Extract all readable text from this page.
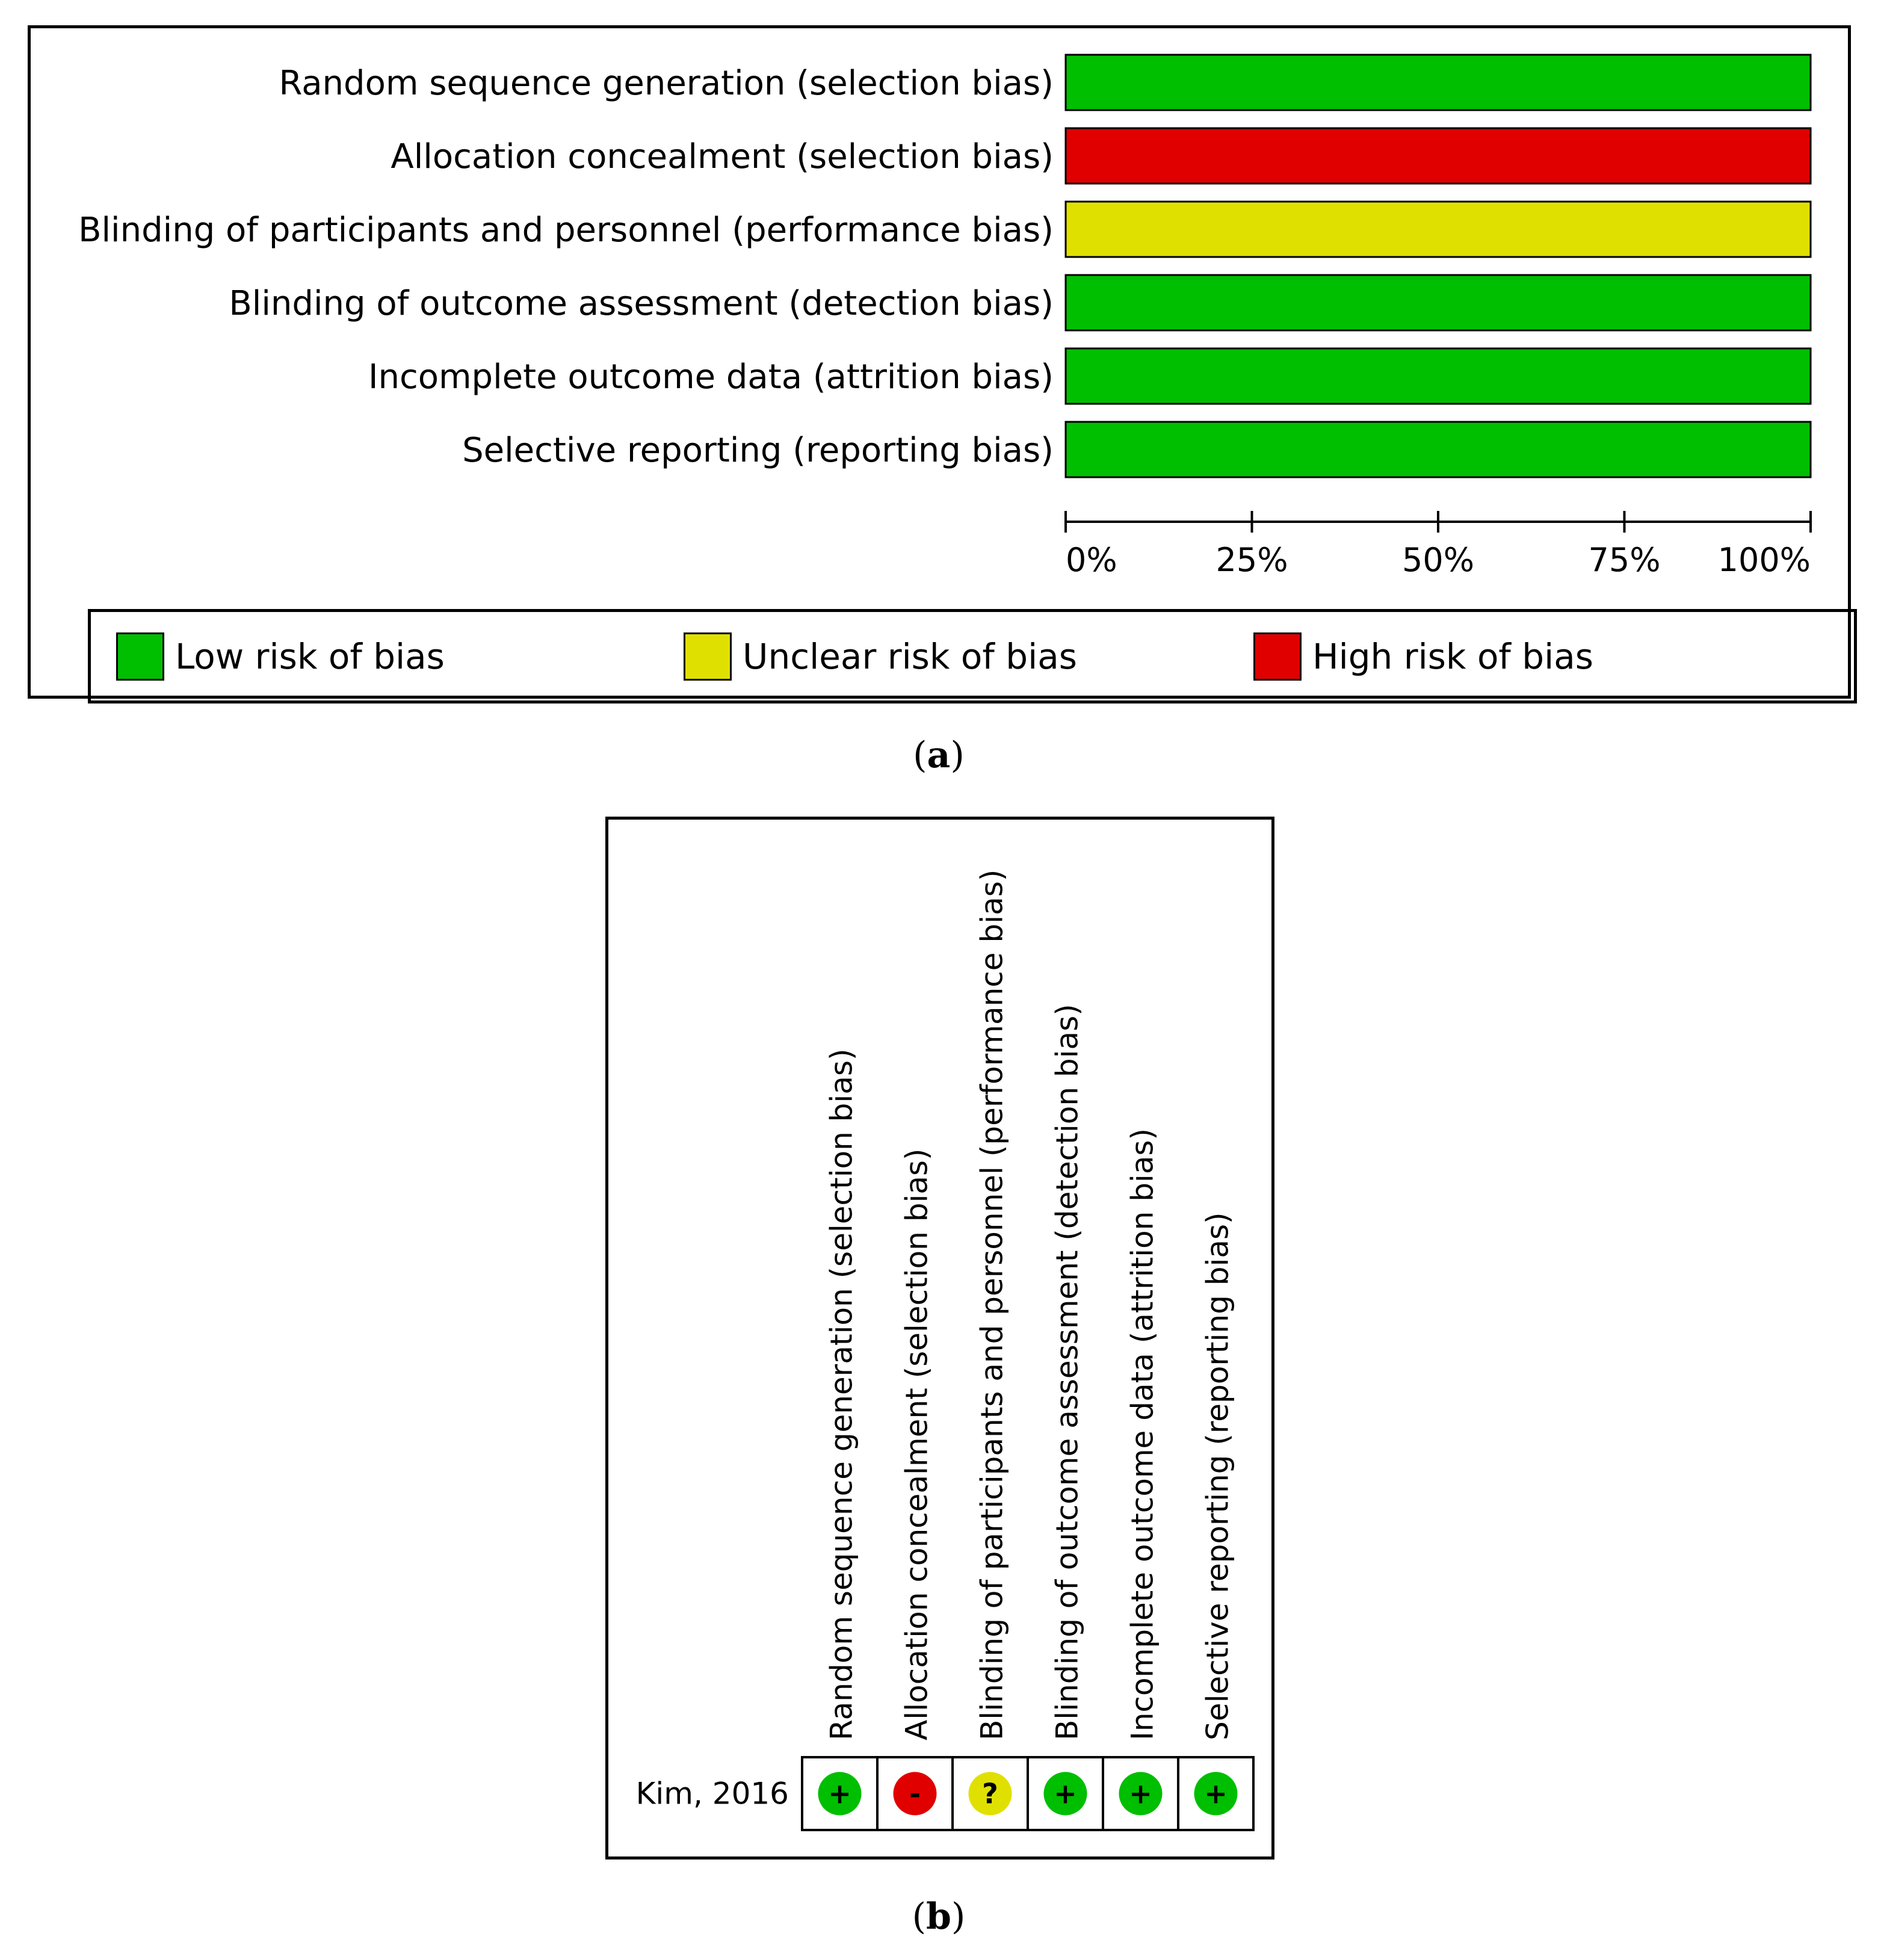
Random sequence generation (selection bias)
Allocation concealment (selection bias)
Blinding of participants and personnel (performance bias)
Blinding of outcome assessment (detection bias)
Incomplete outcome data (attrition bias)
Selective reporting (reporting bias)
0%	25%	50%	75% 100%
Low risk of bias	Unclear risk of bias	High risk of bias
(a)
Random sequence generation (selection bias) Allocation concealment (selection bias) Blinding of participants and personnel (performance bias) Blinding of outcome assessment (detection bias) Incomplete outcome data (attrition bias) Selective reporting (reporting bias)
Kim, 2016 + - ? + + +
(b)
